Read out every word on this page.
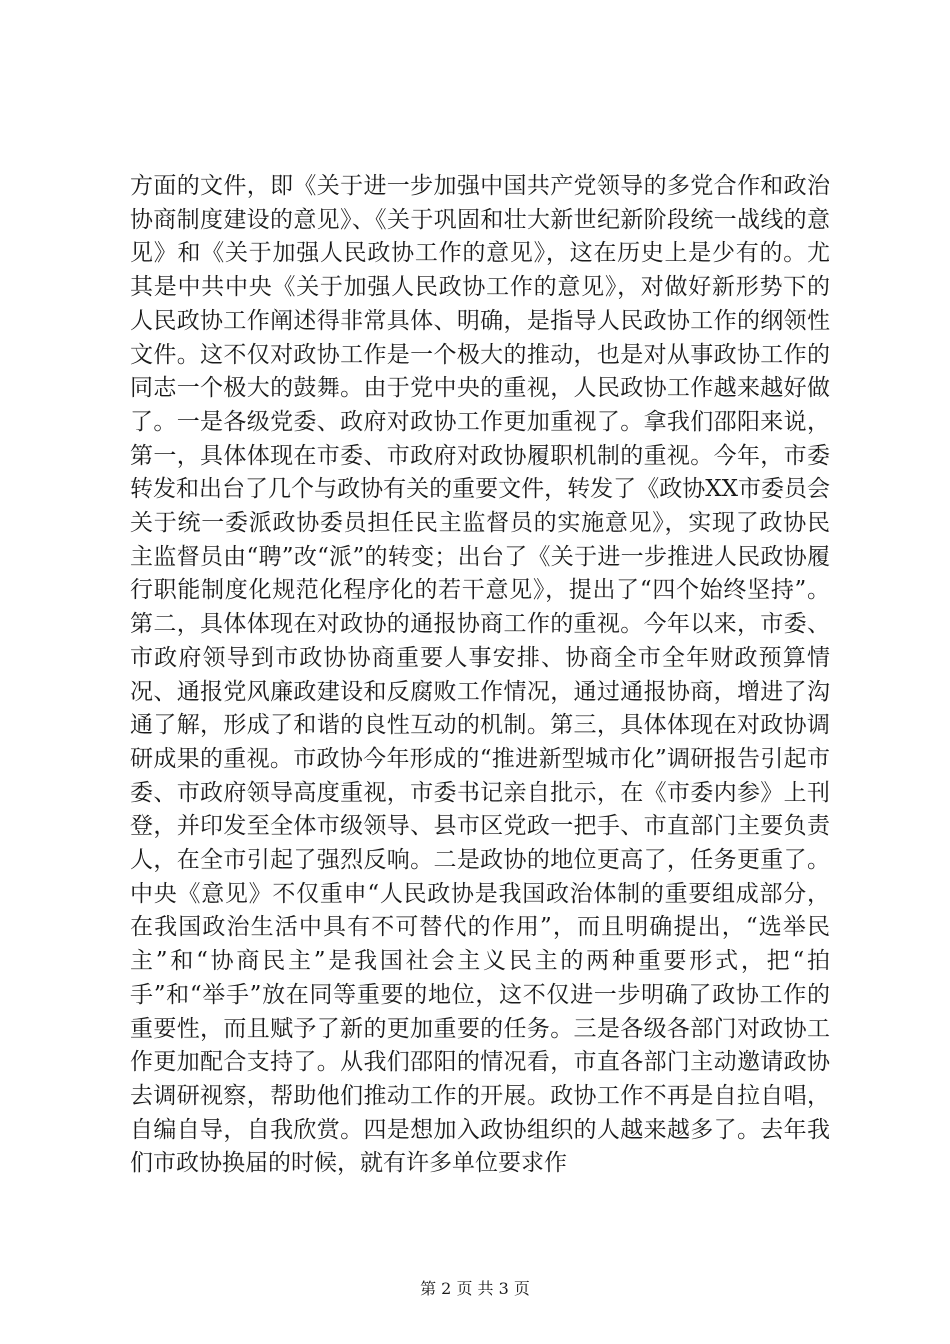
方面的文件，即《关于进一步加强中国共产党领导的多党合作和政治协商制度建设的意见》、《关于巩固和壮大新世纪新阶段统一战线的意见》和《关于加强人民政协工作的意见》，这在历史上是少有的。尤其是中共中央《关于加强人民政协工作的意见》，对做好新形势下的人民政协工作阐述得非常具体、明确，是指导人民政协工作的纲领性文件。这不仅对政协工作是一个极大的推动，也是对从事政协工作的同志一个极大的鼓舞。由于党中央的重视，人民政协工作越来越好做了。一是各级党委、政府对政协工作更加重视了。拿我们邵阳来说，第一，具体体现在市委、市政府对政协履职机制的重视。今年，市委转发和出台了几个与政协有关的重要文件，转发了《政协XX市委员会关于统一委派政协委员担任民主监督员的实施意见》，实现了政协民主监督员由“聘”改“派”的转变；出台了《关于进一步推进人民政协履行职能制度化规范化程序化的若干意见》，提出了“四个始终坚持”。第二，具体体现在对政协的通报协商工作的重视。今年以来，市委、市政府领导到市政协协商重要人事安排、协商全市全年财政预算情况、通报党风廉政建设和反腐败工作情况，通过通报协商，增进了沟通了解，形成了和谐的良性互动的机制。第三，具体体现在对政协调研成果的重视。市政协今年形成的“推进新型城市化”调研报告引起市委、市政府领导高度重视，市委书记亲自批示，在《市委内参》上刊登，并印发至全体市级领导、县市区党政一把手、市直部门主要负责人，在全市引起了强烈反响。二是政协的地位更高了，任务更重了。中央《意见》不仅重申“人民政协是我国政治体制的重要组成部分，在我国政治生活中具有不可替代的作用”，而且明确提出，“选举民主”和“协商民主”是我国社会主义民主的两种重要形式，把“拍手”和“举手”放在同等重要的地位，这不仅进一步明确了政协工作的重要性，而且赋予了新的更加重要的任务。三是各级各部门对政协工作更加配合支持了。从我们邵阳的情况看，市直各部门主动邀请政协去调研视察，帮助他们推动工作的开展。政协工作不再是自拉自唱，自编自导，自我欣赏。四是想加入政协组织的人越来越多了。去年我们市政协换届的时候，就有许多单位要求作

第 2 页 共 3 页
